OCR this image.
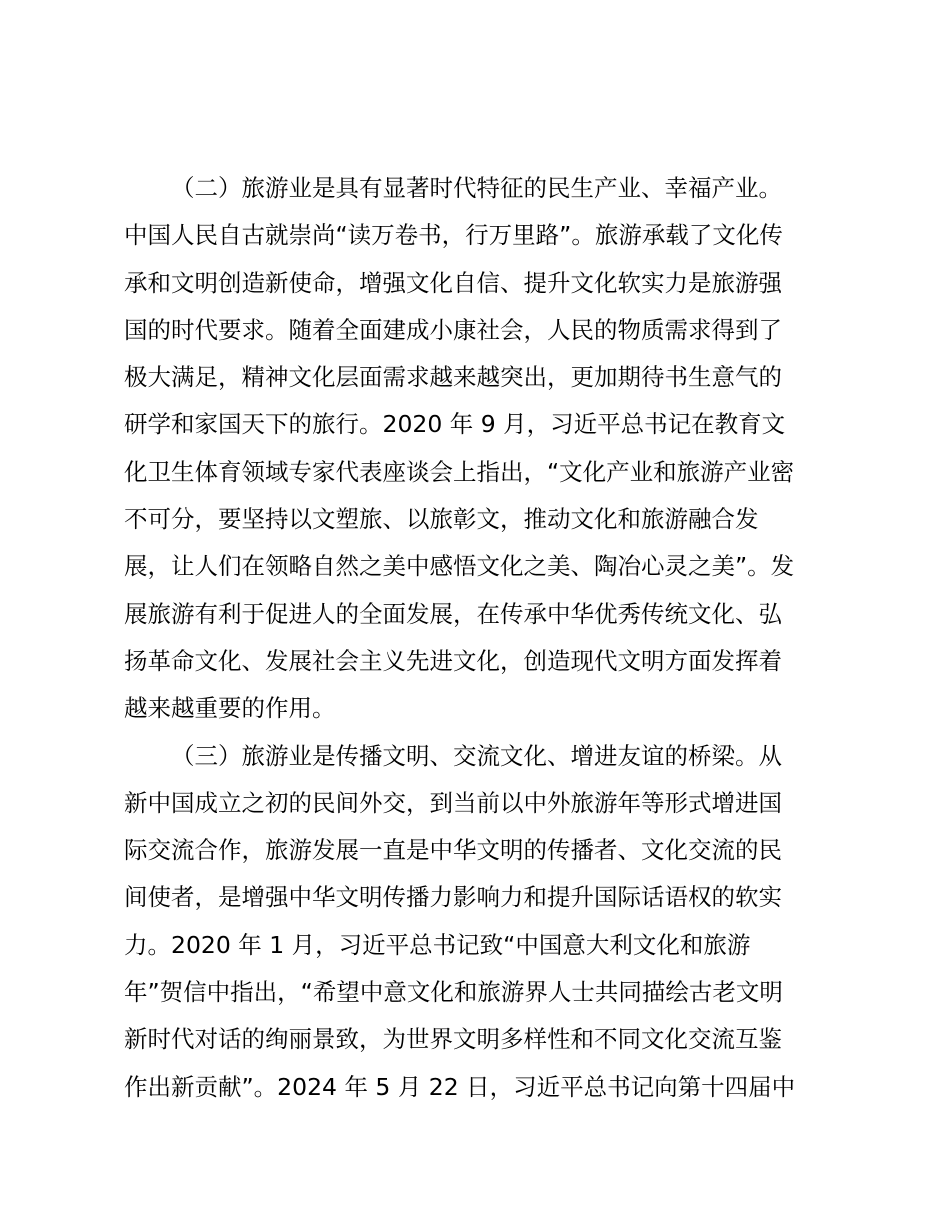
（二）旅游业是具有显著时代特征的民生产业、幸福产业。
中国人民自古就崇尚“读万卷书，行万里路”。旅游承载了文化传
承和文明创造新使命，增强文化自信、提升文化软实力是旅游强
国的时代要求。随着全面建成小康社会，人民的物质需求得到了
极大满足，精神文化层面需求越来越突出，更加期待书生意气的
研学和家国天下的旅行。2020 年 9 月，习近平总书记在教育文
化卫生体育领域专家代表座谈会上指出，“文化产业和旅游产业密
不可分，要坚持以文塑旅、以旅彰文，推动文化和旅游融合发
展，让人们在领略自然之美中感悟文化之美、陶冶心灵之美”。发
展旅游有利于促进人的全面发展，在传承中华优秀传统文化、弘
扬革命文化、发展社会主义先进文化，创造现代文明方面发挥着
越来越重要的作用。
（三）旅游业是传播文明、交流文化、增进友谊的桥梁。从
新中国成立之初的民间外交，到当前以中外旅游年等形式增进国
际交流合作，旅游发展一直是中华文明的传播者、文化交流的民
间使者，是增强中华文明传播力影响力和提升国际话语权的软实
力。2020 年 1 月，习近平总书记致“中国意大利文化和旅游
年”贺信中指出，“希望中意文化和旅游界人士共同描绘古老文明
新时代对话的绚丽景致，为世界文明多样性和不同文化交流互鉴
作出新贡献”。2024 年 5 月 22 日，习近平总书记向第十四届中
